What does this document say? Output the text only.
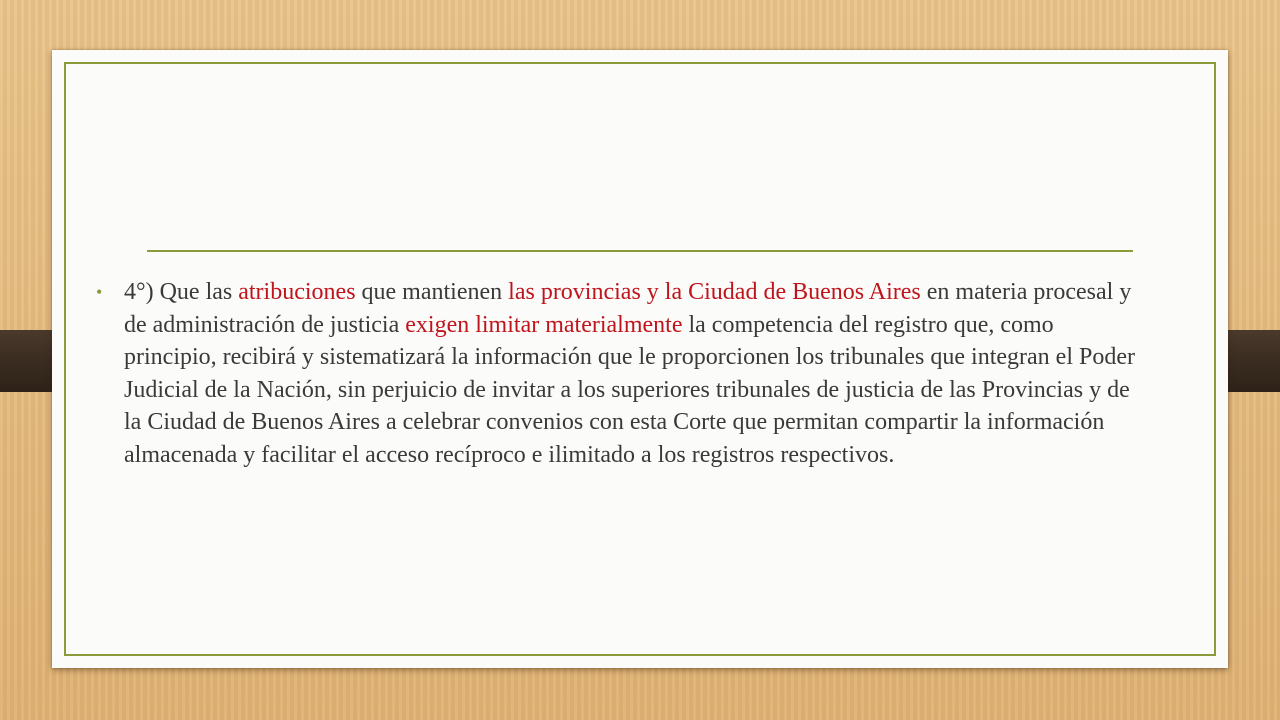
• 4°) Que las atribuciones que mantienen las provincias y la Ciudad de Buenos Aires en materia procesal y de administración de justicia exigen limitar materialmente la competencia del registro que, como principio, recibirá y sistematizará la información que le proporcionen los tribunales que integran el Poder Judicial de la Nación, sin perjuicio de invitar a los superiores tribunales de justicia de las Provincias y de la Ciudad de Buenos Aires a celebrar convenios con esta Corte que permitan compartir la información almacenada y facilitar el acceso recíproco e ilimitado a los registros respectivos.
